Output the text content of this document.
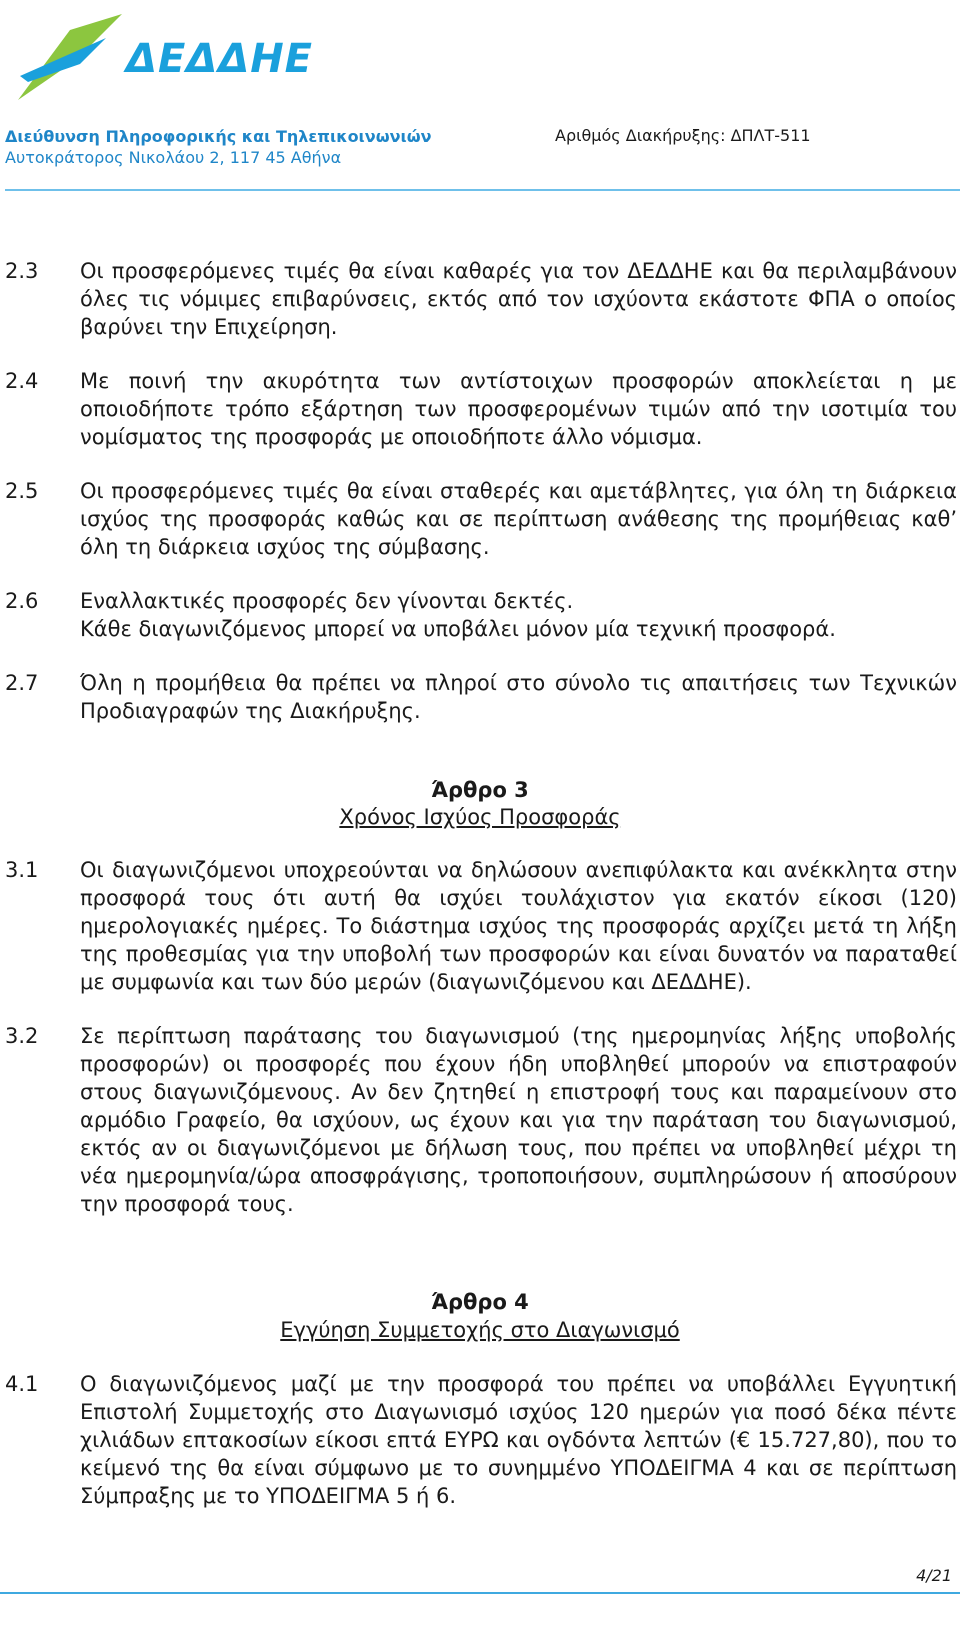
ΔΕΔΔΗΕ
Διεύθυνση Πληροφορικής και Τηλεπικοινωνιών
Αυτοκράτορος Νικολάου 2, 117 45 Αθήνα
Αριθμός Διακήρυξης: ΔΠΛΤ-511
2.3	Οι προσφερόμενες τιμές θα είναι καθαρές για τον ΔΕΔΔΗΕ και θα περιλαμβάνουν όλες τις νόμιμες επιβαρύνσεις, εκτός από τον ισχύοντα εκάστοτε ΦΠΑ ο οποίος βαρύνει την Επιχείρηση.
2.4	Με ποινή την ακυρότητα των αντίστοιχων προσφορών αποκλείεται η με οποιοδήποτε τρόπο εξάρτηση των προσφερομένων τιμών από την ισοτιμία του νομίσματος της προσφοράς με οποιοδήποτε άλλο νόμισμα.
2.5	Οι προσφερόμενες τιμές θα είναι σταθερές και αμετάβλητες, για όλη τη διάρκεια ισχύος της προσφοράς καθώς και σε περίπτωση ανάθεσης της προμήθειας καθ’ όλη τη διάρκεια ισχύος της σύμβασης.
2.6	Εναλλακτικές προσφορές δεν γίνονται δεκτές.
Κάθε διαγωνιζόμενος μπορεί να υποβάλει μόνον μία τεχνική προσφορά.
2.7	Όλη η προμήθεια θα πρέπει να πληροί στο σύνολο τις απαιτήσεις των Τεχνικών Προδιαγραφών της Διακήρυξης.
Άρθρο 3
Χρόνος Ισχύος Προσφοράς
3.1	Οι διαγωνιζόμενοι υποχρεούνται να δηλώσουν ανεπιφύλακτα και ανέκκλητα στην προσφορά τους ότι αυτή θα ισχύει τουλάχιστον για εκατόν είκοσι (120) ημερολογιακές ημέρες. Το διάστημα ισχύος της προσφοράς αρχίζει μετά τη λήξη της προθεσμίας για την υποβολή των προσφορών και είναι δυνατόν να παραταθεί με συμφωνία και των δύο μερών (διαγωνιζόμενου και ΔΕΔΔΗΕ).
3.2	Σε περίπτωση παράτασης του διαγωνισμού (της ημερομηνίας λήξης υποβολής προσφορών) οι προσφορές που έχουν ήδη υποβληθεί μπορούν να επιστραφούν στους διαγωνιζόμενους. Αν δεν ζητηθεί η επιστροφή τους και παραμείνουν στο αρμόδιο Γραφείο, θα ισχύουν, ως έχουν και για την παράταση του διαγωνισμού, εκτός αν οι διαγωνιζόμενοι με δήλωση τους, που πρέπει να υποβληθεί μέχρι τη νέα ημερομηνία/ώρα αποσφράγισης, τροποποιήσουν, συμπληρώσουν ή αποσύρουν την προσφορά τους.
Άρθρο 4
Εγγύηση Συμμετοχής στο Διαγωνισμό
4.1	Ο διαγωνιζόμενος μαζί με την προσφορά του πρέπει να υποβάλλει Εγγυητική Επιστολή Συμμετοχής στο Διαγωνισμό ισχύος 120 ημερών για ποσό δέκα πέντε χιλιάδων επτακοσίων είκοσι επτά ΕΥΡΩ και ογδόντα λεπτών (€ 15.727,80), που το κείμενό της θα είναι σύμφωνο με το συνημμένο ΥΠΟΔΕΙΓΜΑ 4 και σε περίπτωση Σύμπραξης με το ΥΠΟΔΕΙΓΜΑ 5 ή 6.
4/21
